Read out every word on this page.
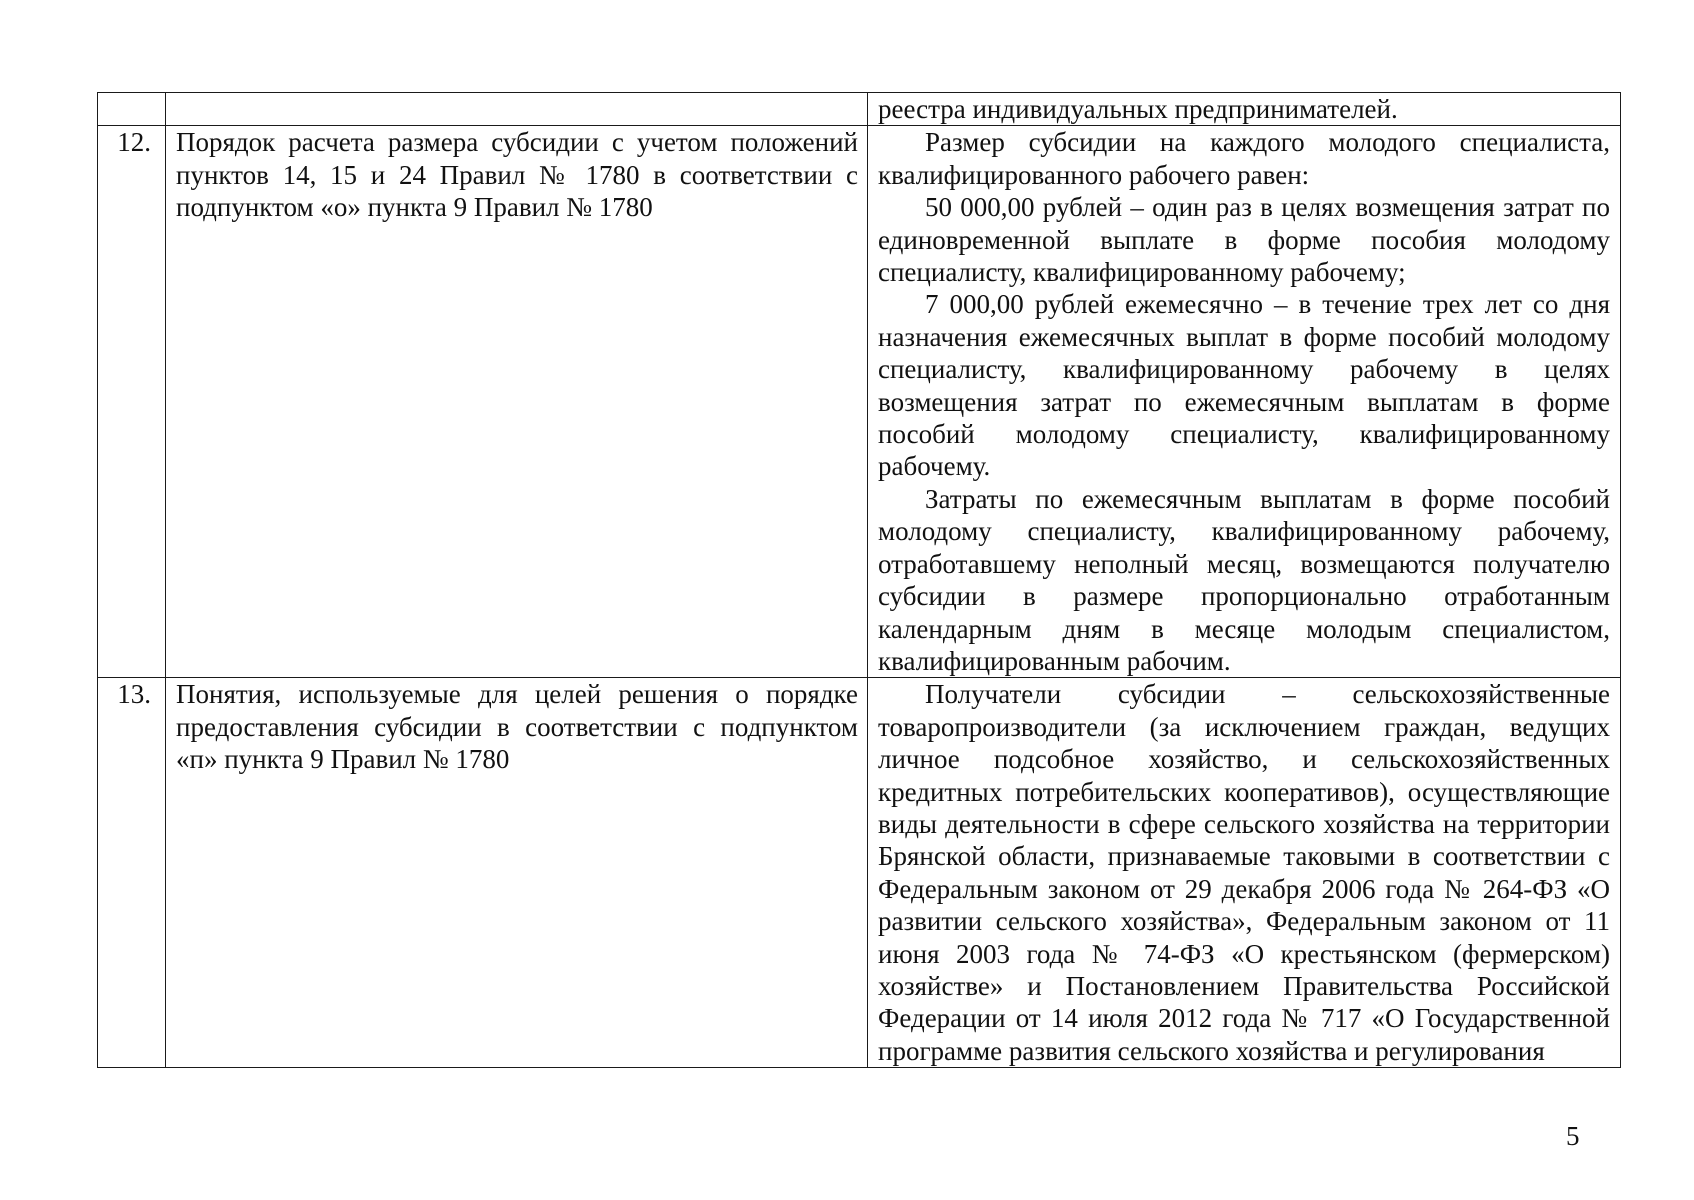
		реестра индивидуальных предпринимателей.

12.	Порядок расчета размера субсидии с учетом положений пунктов 14, 15 и 24 Правил № 1780 в соответствии с подпунктом «о» пункта 9 Правил № 1780	Размер субсидии на каждого молодого специалиста, квалифицированного рабочего равен:

50 000,00 рублей – один раз в целях возмещения затрат по единовременной выплате в форме пособия молодому специалисту, квалифицированному рабочему;

7 000,00 рублей ежемесячно – в течение трех лет со дня назначения ежемесячных выплат в форме пособий молодому специалисту, квалифицированному рабочему в целях возмещения затрат по ежемесячным выплатам в форме пособий молодому специалисту, квалифицированному рабочему.

Затраты по ежемесячным выплатам в форме пособий молодому специалисту, квалифицированному рабочему, отработавшему неполный месяц, возмещаются получателю субсидии в размере пропорционально отработанным календарным дням в месяце молодым специалистом, квалифицированным рабочим.

13.	Понятия, используемые для целей решения о порядке предоставления субсидии в соответствии с подпунктом «п» пункта 9 Правил № 1780	Получатели субсидии – сельскохозяйственные товаропроизводители (за исключением граждан, ведущих личное подсобное хозяйство, и сельскохозяйственных кредитных потребительских кооперативов), осуществляющие виды деятельности в сфере сельского хозяйства на территории Брянской области, признаваемые таковыми в соответствии с Федеральным законом от 29 декабря 2006 года № 264-ФЗ «О развитии сельского хозяйства», Федеральным законом от 11 июня 2003 года № 74-ФЗ «О крестьянском (фермерском) хозяйстве» и Постановлением Правительства Российской Федерации от 14 июля 2012 года № 717 «О Государственной программе развития сельского хозяйства и регулирования

5
